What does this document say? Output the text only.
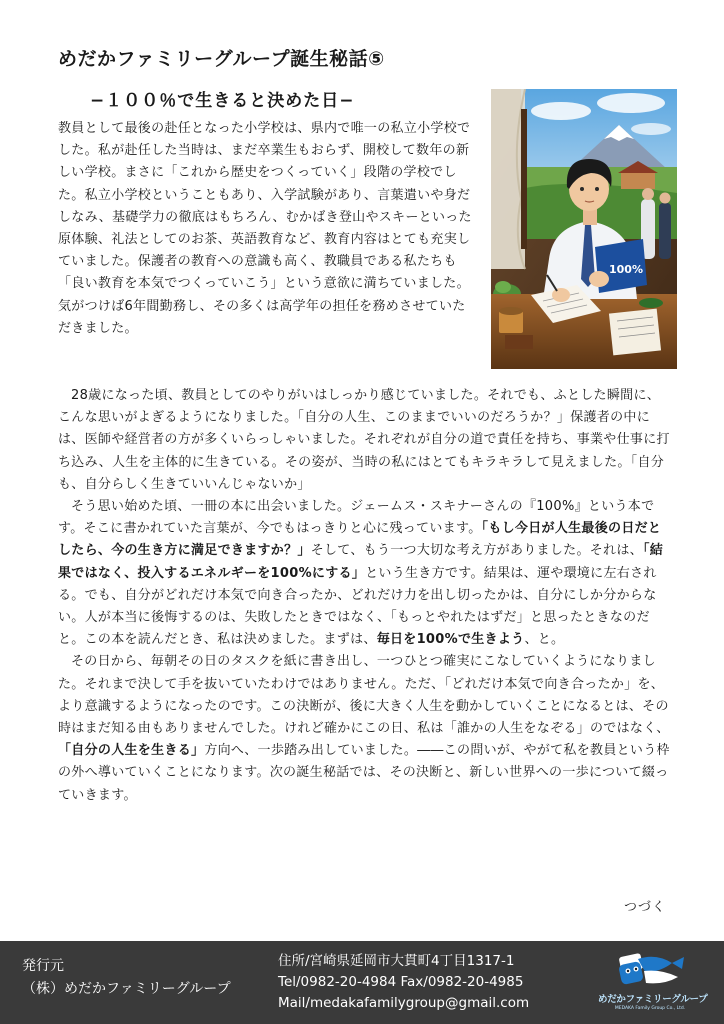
めだかファミリーグループ誕生秘話⑤
−１００％で生きると決めた日−
100%

教員として最後の赴任となった小学校は、県内で唯一の私立小学校でした。私が赴任した当時は、まだ卒業生もおらず、開校して数年の新しい学校。まさに「これから歴史をつくっていく」段階の学校でした。私立小学校ということもあり、入学試験があり、言葉遣いや身だしなみ、基礎学力の徹底はもちろん、むかばき登山やスキーといった原体験、礼法としてのお茶、英語教育など、教育内容はとても充実していました。保護者の教育への意識も高く、教職員である私たちも「良い教育を本気でつくっていこう」という意欲に満ちていました。気がつけば6年間勤務し、その多くは高学年の担任を務めさせていただきました。

28歳になった頃、教員としてのやりがいはしっかり感じていました。それでも、ふとした瞬間に、こんな思いがよぎるようになりました。「自分の人生、このままでいいのだろうか？」保護者の中には、医師や経営者の方が多くいらっしゃいました。それぞれが自分の道で責任を持ち、事業や仕事に打ち込み、人生を主体的に生きている。その姿が、当時の私にはとてもキラキラして見えました。「自分も、自分らしく生きていいんじゃないか」

そう思い始めた頃、一冊の本に出会いました。ジェームス・スキナーさんの『100%』という本です。そこに書かれていた言葉が、今でもはっきりと心に残っています。「もし今日が人生最後の日だとしたら、今の生き方に満足できますか？」そして、もう一つ大切な考え方がありました。それは、「結果ではなく、投入するエネルギーを100%にする」という生き方です。結果は、運や環境に左右される。でも、自分がどれだけ本気で向き合ったか、どれだけ力を出し切ったかは、自分にしか分からない。人が本当に後悔するのは、失敗したときではなく、「もっとやれたはずだ」と思ったときなのだと。この本を読んだとき、私は決めました。まずは、毎日を100%で生きよう、と。

その日から、毎朝その日のタスクを紙に書き出し、一つひとつ確実にこなしていくようになりました。それまで決して手を抜いていたわけではありません。ただ、「どれだけ本気で向き合ったか」を、より意識するようになったのです。この決断が、後に大きく人生を動かしていくことになるとは、その時はまだ知る由もありませんでした。けれど確かにこの日、私は「誰かの人生をなぞる」のではなく、「自分の人生を生きる」方向へ、一歩踏み出していました。――この問いが、やがて私を教員という枠の外へ導いていくことになります。次の誕生秘話では、その決断と、新しい世界への一歩について綴っていきます。

つづく
発行元
（株）めだかファミリーグループ
住所/宮崎県延岡市大貫町4丁目1317-1
Tel/0982-20-4984 Fax/0982-20-4985
Mail/medakafamilygroup@gmail.com	めだかファミリーグループ
MEDAKA Family Group Co., Ltd.
